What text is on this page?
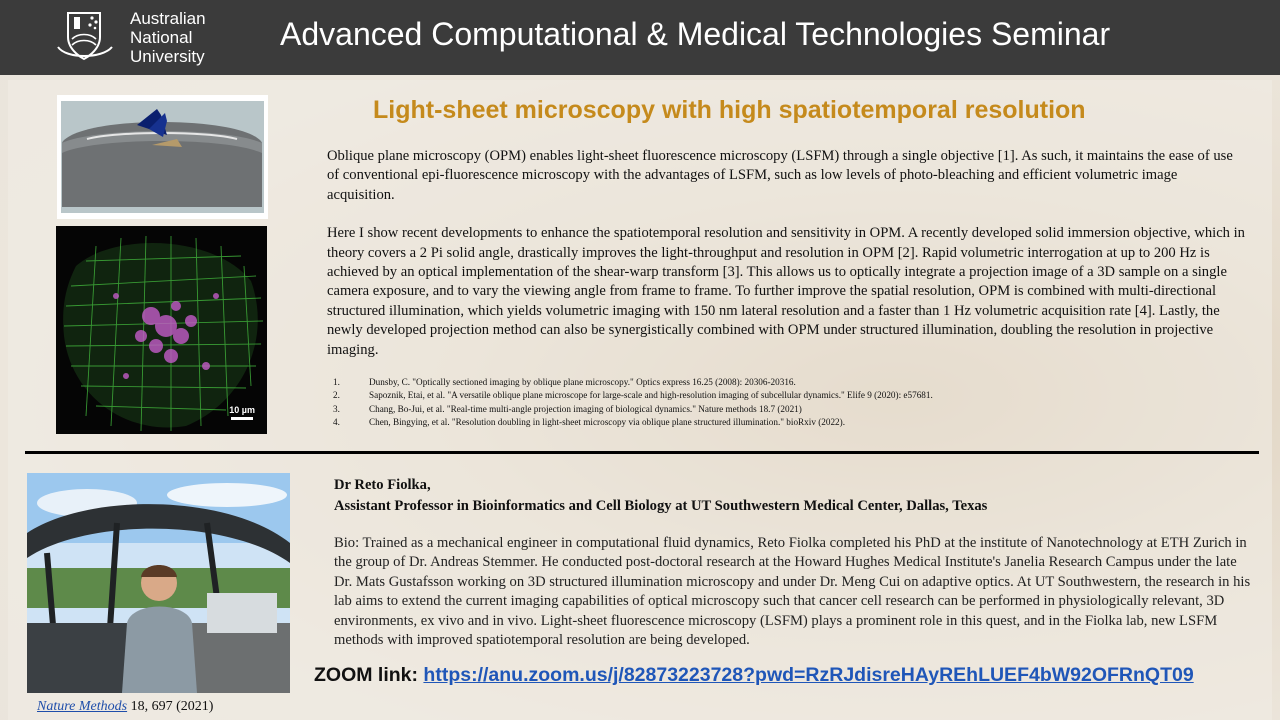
Australian
National
University
Advanced Computational & Medical Technologies Seminar
10 µm
Light-sheet microscopy with high spatiotemporal resolution

Oblique plane microscopy (OPM) enables light-sheet fluorescence microscopy (LSFM) through a single objective [1]. As such, it maintains the ease of use of conventional epi-fluorescence microscopy with the advantages of LSFM, such as low levels of photo-bleaching and efficient volumetric image acquisition.

Here I show recent developments to enhance the spatiotemporal resolution and sensitivity in OPM. A recently developed solid immersion objective, which in theory covers a 2 Pi solid angle, drastically improves the light-throughput and resolution in OPM [2]. Rapid volumetric interrogation at up to 200 Hz is achieved by an optical implementation of the shear-warp transform [3]. This allows us to optically integrate a projection image of a 3D sample on a single camera exposure, and to vary the viewing angle from frame to frame. To further improve the spatial resolution, OPM is combined with multi-directional structured illumination, which yields volumetric imaging with 150 nm lateral resolution and a faster than 1 Hz volumetric acquisition rate [4]. Lastly, the newly developed projection method can also be synergistically combined with OPM under structured illumination, doubling the resolution in projective imaging.

1.	Dunsby, C. "Optically sectioned imaging by oblique plane microscopy." Optics express 16.25 (2008): 20306-20316.
2.	Sapoznik, Etai, et al. "A versatile oblique plane microscope for large-scale and high-resolution imaging of subcellular dynamics." Elife 9 (2020): e57681.
3.	Chang, Bo-Jui, et al. "Real-time multi-angle projection imaging of biological dynamics." Nature methods 18.7 (2021)
4.	Chen, Bingying, et al. "Resolution doubling in light-sheet microscopy via oblique plane structured illumination." bioRxiv (2022).
Nature Methods 18, 697 (2021)
Dr Reto Fiolka,
Assistant Professor in Bioinformatics and Cell Biology at UT Southwestern Medical Center, Dallas, Texas
Bio: Trained as a mechanical engineer in computational fluid dynamics, Reto Fiolka completed his PhD at the institute of Nanotechnology at ETH Zurich in the group of Dr. Andreas Stemmer. He conducted post-doctoral research at the Howard Hughes Medical Institute's Janelia Research Campus under the late Dr. Mats Gustafsson working on 3D structured illumination microscopy and under Dr. Meng Cui on adaptive optics. At UT Southwestern, the research in his lab aims to extend the current imaging capabilities of optical microscopy such that cancer cell research can be performed in physiologically relevant, 3D environments, ex vivo and in vivo. Light-sheet fluorescence microscopy (LSFM) plays a prominent role in this quest, and in the Fiolka lab, new LSFM methods with improved spatiotemporal resolution are being developed.
ZOOM link: https://anu.zoom.us/j/82873223728?pwd=RzRJdisreHAyREhLUEF4bW92OFRnQT09
